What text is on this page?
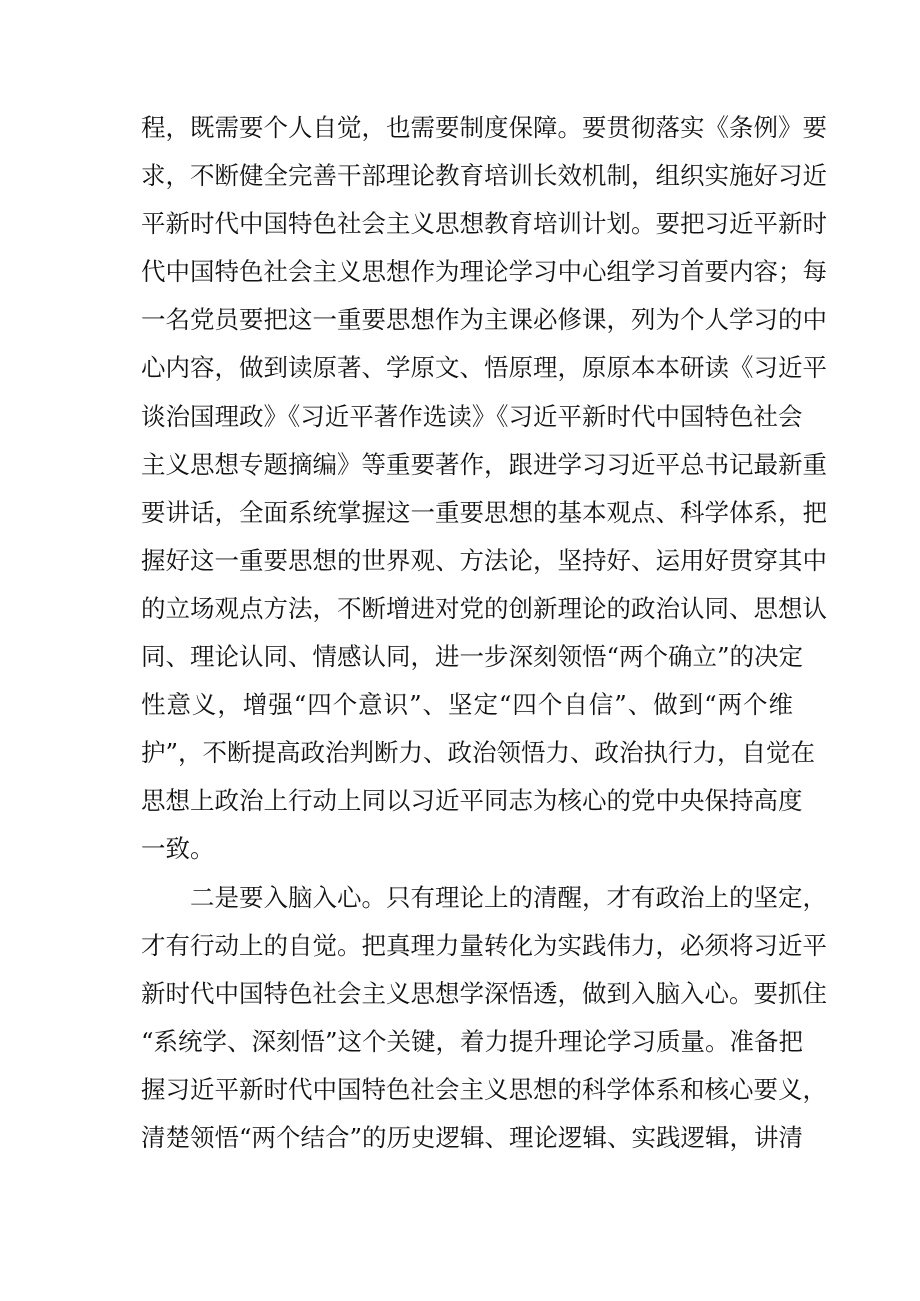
程，既需要个人自觉，也需要制度保障。要贯彻落实《条例》要
求，不断健全完善干部理论教育培训长效机制，组织实施好习近
平新时代中国特色社会主义思想教育培训计划。要把习近平新时
代中国特色社会主义思想作为理论学习中心组学习首要内容；每
一名党员要把这一重要思想作为主课必修课，列为个人学习的中
心内容，做到读原著、学原文、悟原理，原原本本研读《习近平
谈治国理政》《习近平著作选读》《习近平新时代中国特色社会
主义思想专题摘编》等重要著作，跟进学习习近平总书记最新重
要讲话，全面系统掌握这一重要思想的基本观点、科学体系，把
握好这一重要思想的世界观、方法论，坚持好、运用好贯穿其中
的立场观点方法，不断增进对党的创新理论的政治认同、思想认
同、理论认同、情感认同，进一步深刻领悟“两个确立”的决定
性意义，增强“四个意识”、坚定“四个自信”、做到“两个维
护”，不断提高政治判断力、政治领悟力、政治执行力，自觉在
思想上政治上行动上同以习近平同志为核心的党中央保持高度
一致。
二是要入脑入心。只有理论上的清醒，才有政治上的坚定，
才有行动上的自觉。把真理力量转化为实践伟力，必须将习近平
新时代中国特色社会主义思想学深悟透，做到入脑入心。要抓住
“系统学、深刻悟”这个关键，着力提升理论学习质量。准备把
握习近平新时代中国特色社会主义思想的科学体系和核心要义，
清楚领悟“两个结合”的历史逻辑、理论逻辑、实践逻辑，讲清
